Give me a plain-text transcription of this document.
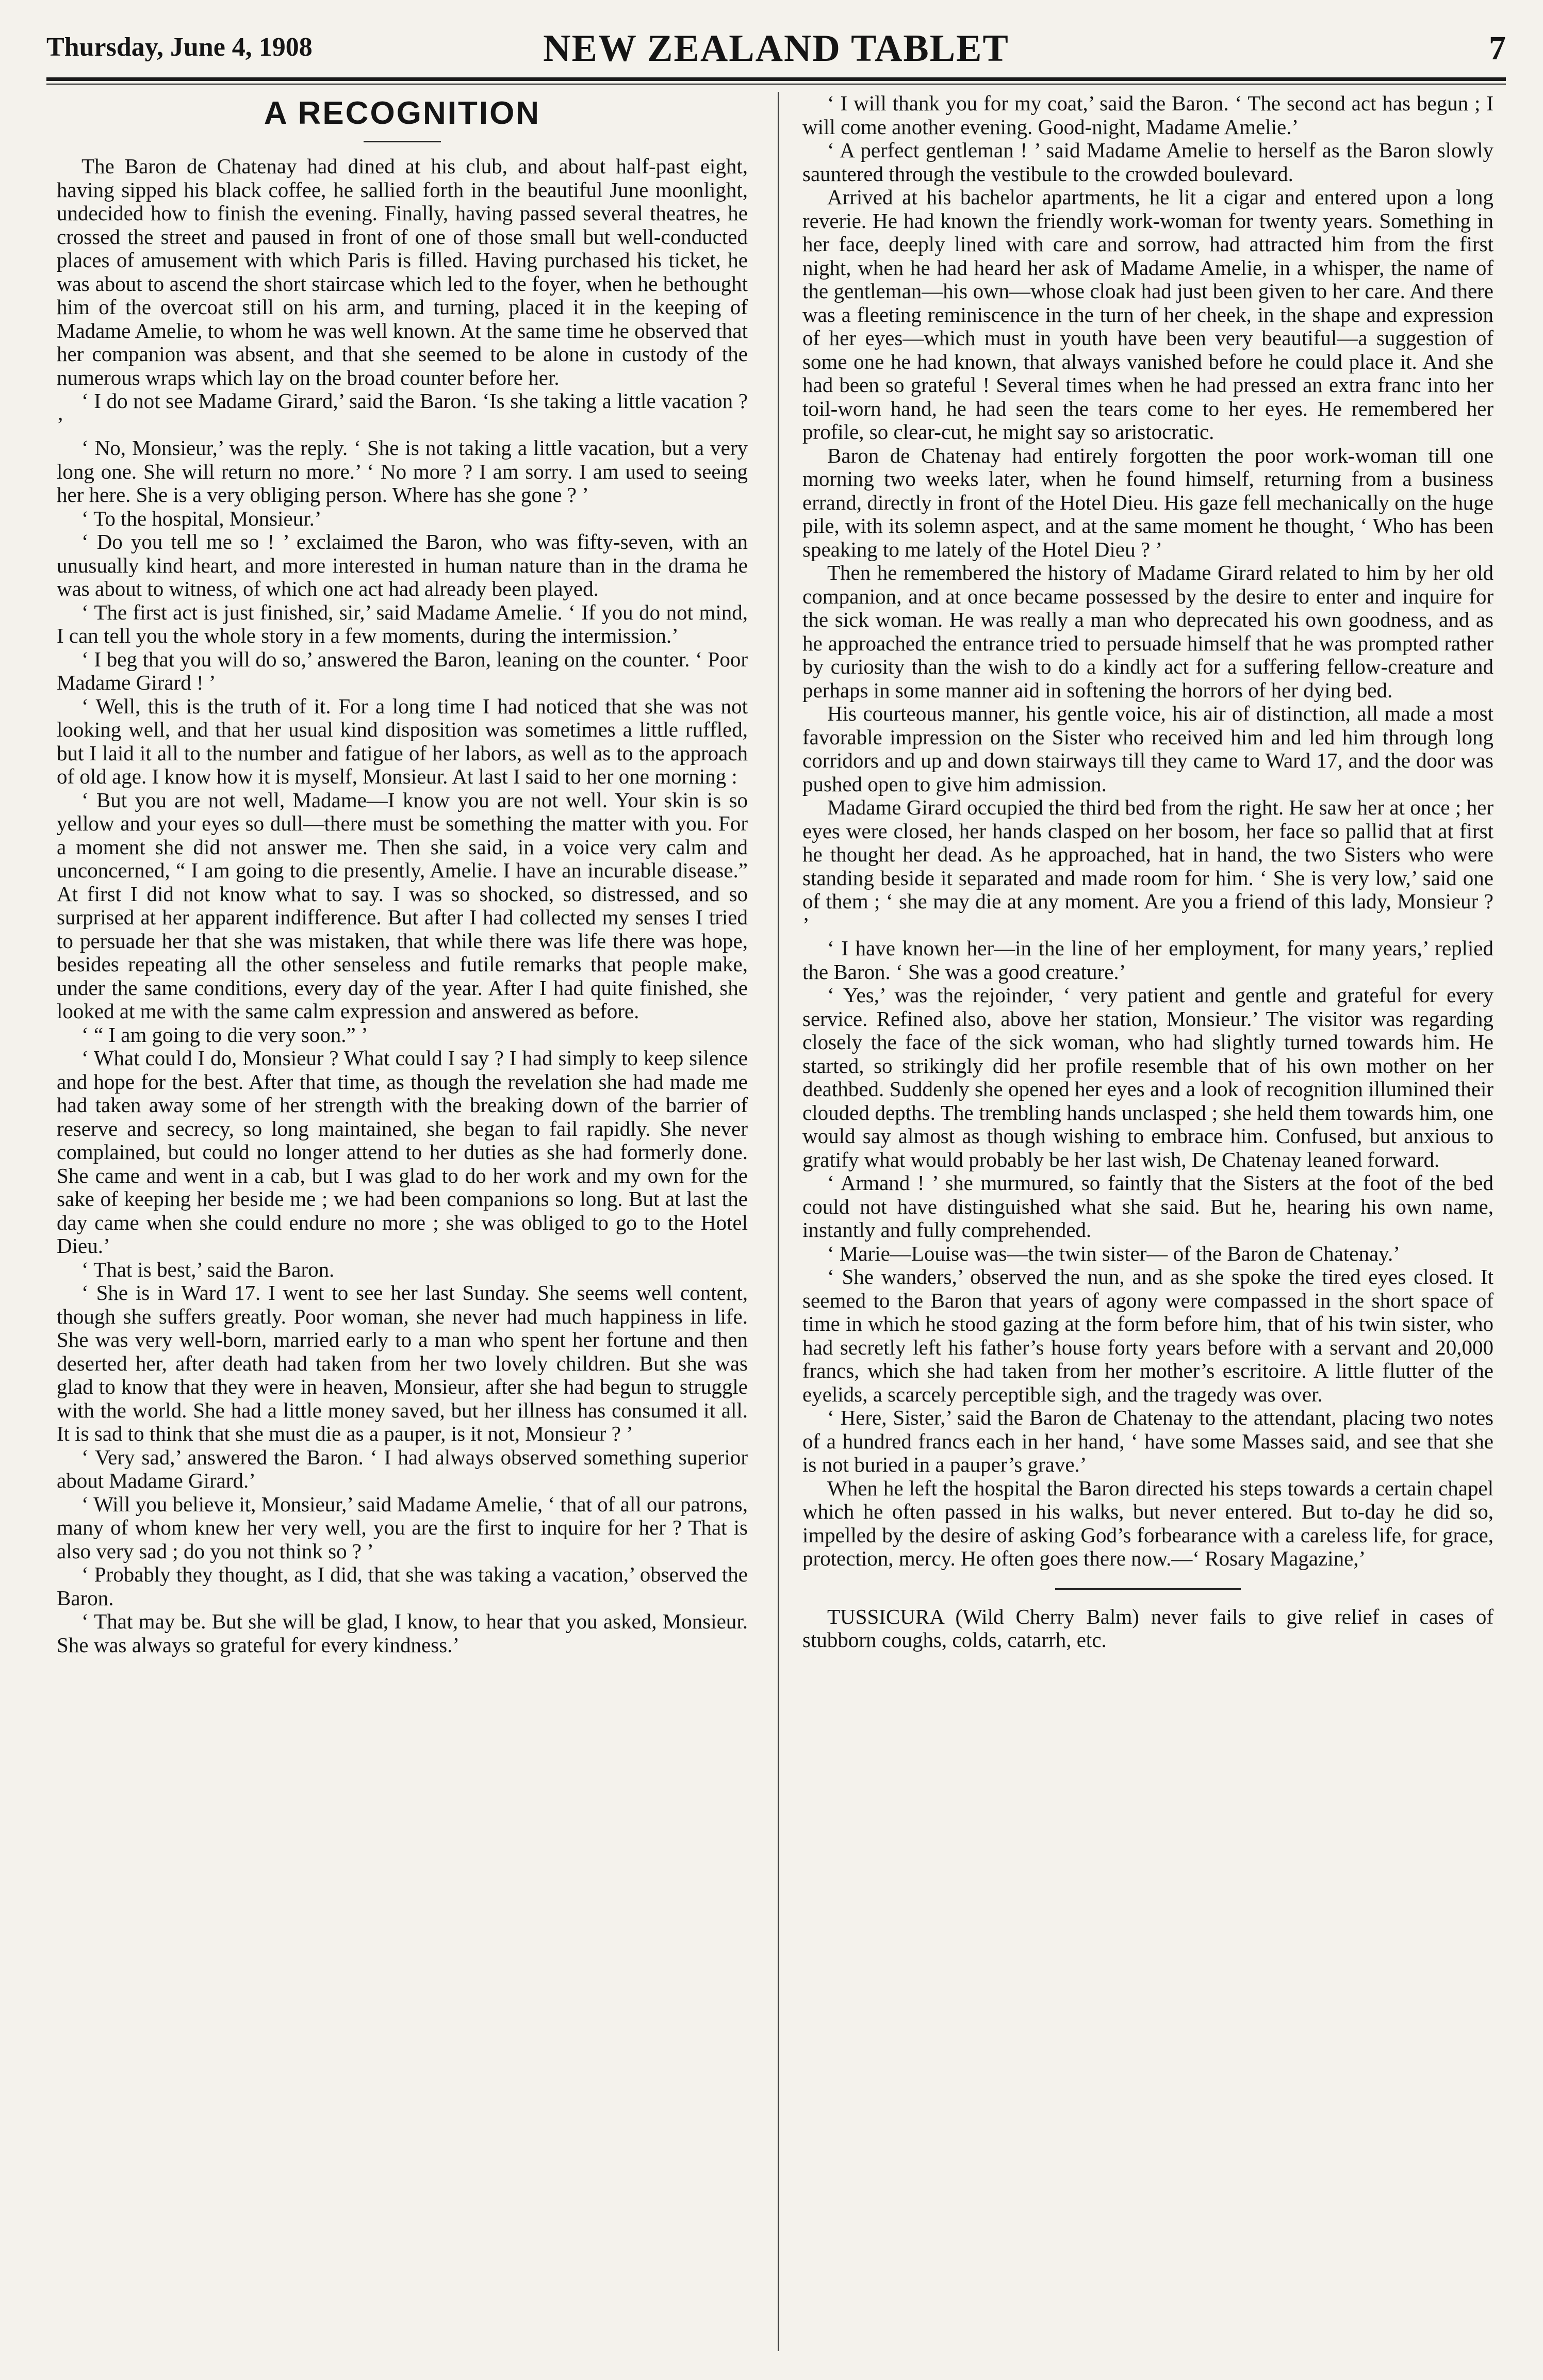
Thursday, June 4, 1908	NEW ZEALAND TABLET	7
A RECOGNITION

The Baron de Chatenay had dined at his club, and about half-past eight, having sipped his black coffee, he sallied forth in the beautiful June moonlight, undecided how to finish the evening. Finally, having passed several theatres, he crossed the street and paused in front of one of those small but well-conducted places of amusement with which Paris is filled. Having purchased his ticket, he was about to ascend the short staircase which led to the foyer, when he bethought him of the overcoat still on his arm, and turning, placed it in the keeping of Madame Amelie, to whom he was well known. At the same time he observed that her companion was absent, and that she seemed to be alone in custody of the numerous wraps which lay on the broad counter before her.

‘ I do not see Madame Girard,’ said the Baron. ‘Is she taking a little vacation ? ’

‘ No, Monsieur,’ was the reply. ‘ She is not taking a little vacation, but a very long one. She will return no more.’ ‘ No more ? I am sorry. I am used to seeing her here. She is a very obliging person. Where has she gone ? ’

‘ To the hospital, Monsieur.’

‘ Do you tell me so ! ’ exclaimed the Baron, who was fifty-seven, with an unusually kind heart, and more interested in human nature than in the drama he was about to witness, of which one act had already been played.

‘ The first act is just finished, sir,’ said Madame Amelie. ‘ If you do not mind, I can tell you the whole story in a few moments, during the intermission.’

‘ I beg that you will do so,’ answered the Baron, leaning on the counter. ‘ Poor Madame Girard ! ’

‘ Well, this is the truth of it. For a long time I had noticed that she was not looking well, and that her usual kind disposition was sometimes a little ruffled, but I laid it all to the number and fatigue of her labors, as well as to the approach of old age. I know how it is myself, Monsieur. At last I said to her one morning :

‘ But you are not well, Madame—I know you are not well. Your skin is so yellow and your eyes so dull—there must be something the matter with you. For a moment she did not answer me. Then she said, in a voice very calm and unconcerned, “ I am going to die presently, Amelie. I have an incurable disease.” At first I did not know what to say. I was so shocked, so distressed, and so surprised at her apparent indifference. But after I had collected my senses I tried to persuade her that she was mistaken, that while there was life there was hope, besides repeating all the other senseless and futile remarks that people make, under the same conditions, every day of the year. After I had quite finished, she looked at me with the same calm expression and answered as before.

‘ “ I am going to die very soon.” ’

‘ What could I do, Monsieur ? What could I say ? I had simply to keep silence and hope for the best. After that time, as though the revelation she had made me had taken away some of her strength with the breaking down of the barrier of reserve and secrecy, so long maintained, she began to fail rapidly. She never complained, but could no longer attend to her duties as she had formerly done. She came and went in a cab, but I was glad to do her work and my own for the sake of keeping her beside me ; we had been companions so long. But at last the day came when she could endure no more ; she was obliged to go to the Hotel Dieu.’

‘ That is best,’ said the Baron.

‘ She is in Ward 17. I went to see her last Sunday. She seems well content, though she suffers greatly. Poor woman, she never had much happiness in life. She was very well-born, married early to a man who spent her fortune and then deserted her, after death had taken from her two lovely children. But she was glad to know that they were in heaven, Monsieur, after she had begun to struggle with the world. She had a little money saved, but her illness has consumed it all. It is sad to think that she must die as a pauper, is it not, Monsieur ? ’

‘ Very sad,’ answered the Baron. ‘ I had always observed something superior about Madame Girard.’

‘ Will you believe it, Monsieur,’ said Madame Amelie, ‘ that of all our patrons, many of whom knew her very well, you are the first to inquire for her ? That is also very sad ; do you not think so ? ’

‘ Probably they thought, as I did, that she was taking a vacation,’ observed the Baron.

‘ That may be. But she will be glad, I know, to hear that you asked, Monsieur. She was always so grateful for every kindness.’

‘ I will thank you for my coat,’ said the Baron. ‘ The second act has begun ; I will come another evening. Good-night, Madame Amelie.’

‘ A perfect gentleman ! ’ said Madame Amelie to herself as the Baron slowly sauntered through the vestibule to the crowded boulevard.

Arrived at his bachelor apartments, he lit a cigar and entered upon a long reverie. He had known the friendly work-woman for twenty years. Something in her face, deeply lined with care and sorrow, had attracted him from the first night, when he had heard her ask of Madame Amelie, in a whisper, the name of the gentleman—his own—whose cloak had just been given to her care. And there was a fleeting reminiscence in the turn of her cheek, in the shape and expression of her eyes—which must in youth have been very beautiful—a suggestion of some one he had known, that always vanished before he could place it. And she had been so grateful ! Several times when he had pressed an extra franc into her toil-worn hand, he had seen the tears come to her eyes. He remembered her profile, so clear-cut, he might say so aristocratic.

Baron de Chatenay had entirely forgotten the poor work-woman till one morning two weeks later, when he found himself, returning from a business errand, directly in front of the Hotel Dieu. His gaze fell mechanically on the huge pile, with its solemn aspect, and at the same moment he thought, ‘ Who has been speaking to me lately of the Hotel Dieu ? ’

Then he remembered the history of Madame Girard related to him by her old companion, and at once became possessed by the desire to enter and inquire for the sick woman. He was really a man who deprecated his own goodness, and as he approached the entrance tried to persuade himself that he was prompted rather by curiosity than the wish to do a kindly act for a suffering fellow-creature and perhaps in some manner aid in softening the horrors of her dying bed.

His courteous manner, his gentle voice, his air of distinction, all made a most favorable impression on the Sister who received him and led him through long corridors and up and down stairways till they came to Ward 17, and the door was pushed open to give him admission.

Madame Girard occupied the third bed from the right. He saw her at once ; her eyes were closed, her hands clasped on her bosom, her face so pallid that at first he thought her dead. As he approached, hat in hand, the two Sisters who were standing beside it separated and made room for him. ‘ She is very low,’ said one of them ; ‘ she may die at any moment. Are you a friend of this lady, Monsieur ? ’

‘ I have known her—in the line of her employment, for many years,’ replied the Baron. ‘ She was a good creature.’

‘ Yes,’ was the rejoinder, ‘ very patient and gentle and grateful for every service. Refined also, above her station, Monsieur.’ The visitor was regarding closely the face of the sick woman, who had slightly turned towards him. He started, so strikingly did her profile resemble that of his own mother on her deathbed. Suddenly she opened her eyes and a look of recognition illumined their clouded depths. The trembling hands unclasped ; she held them towards him, one would say almost as though wishing to embrace him. Confused, but anxious to gratify what would probably be her last wish, De Chatenay leaned forward.

‘ Armand ! ’ she murmured, so faintly that the Sisters at the foot of the bed could not have distinguished what she said. But he, hearing his own name, instantly and fully comprehended.

‘ Marie—Louise was—the twin sister— of the Baron de Chatenay.’

‘ She wanders,’ observed the nun, and as she spoke the tired eyes closed. It seemed to the Baron that years of agony were compassed in the short space of time in which he stood gazing at the form before him, that of his twin sister, who had secretly left his father’s house forty years before with a servant and 20,000 francs, which she had taken from her mother’s escritoire. A little flutter of the eyelids, a scarcely perceptible sigh, and the tragedy was over.

‘ Here, Sister,’ said the Baron de Chatenay to the attendant, placing two notes of a hundred francs each in her hand, ‘ have some Masses said, and see that she is not buried in a pauper’s grave.’

When he left the hospital the Baron directed his steps towards a certain chapel which he often passed in his walks, but never entered. But to-day he did so, impelled by the desire of asking God’s forbearance with a careless life, for grace, protection, mercy. He often goes there now.—‘ Rosary Magazine,’

TUSSICURA (Wild Cherry Balm) never fails to give relief in cases of stubborn coughs, colds, catarrh, etc.
